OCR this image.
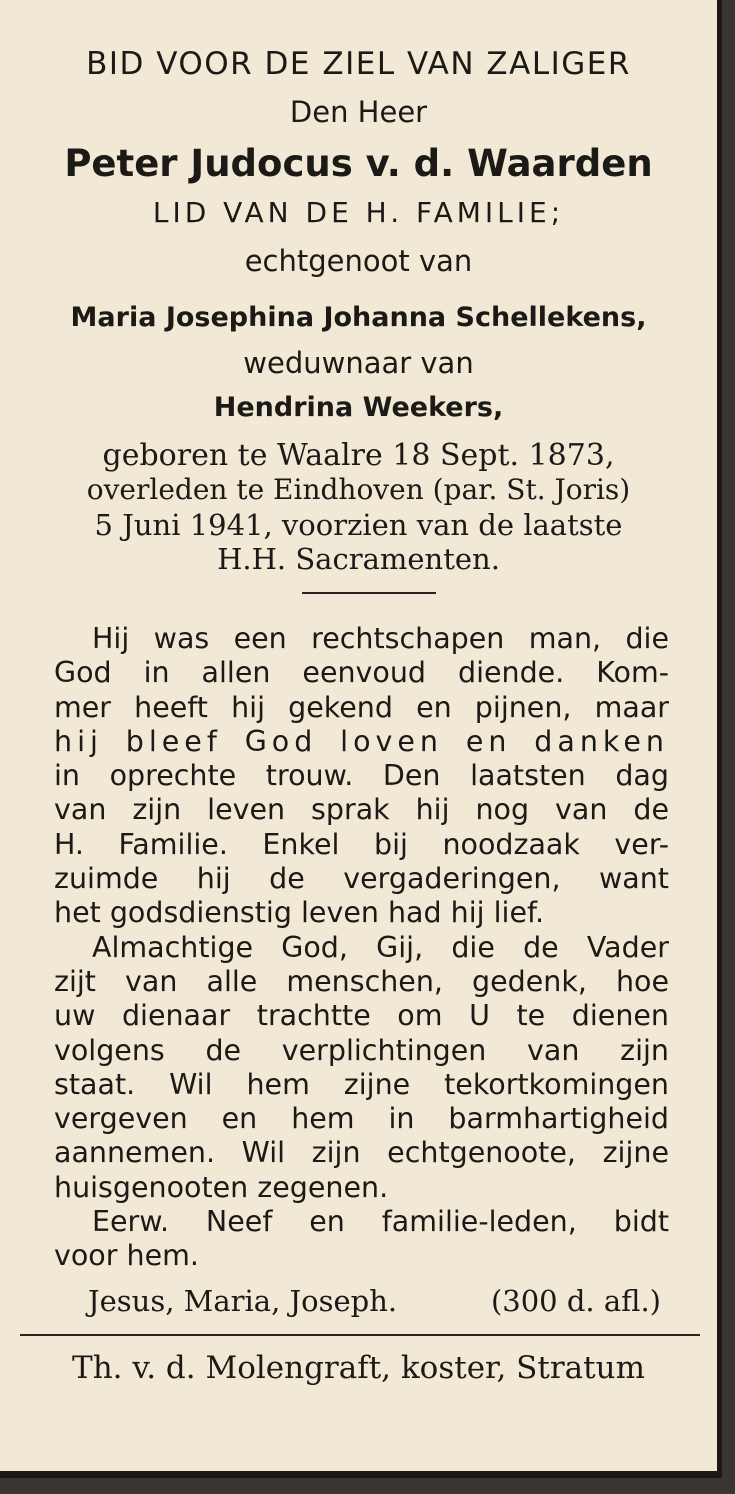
BID VOOR DE ZIEL VAN ZALIGER
Den Heer
Peter Judocus v. d. Waarden
LID VAN DE H. FAMILIE;
echtgenoot van
Maria Josephina Johanna Schellekens,
weduwnaar van
Hendrina Weekers,
geboren te Waalre 18 Sept. 1873,
overleden te Eindhoven (par. St. Joris)
5 Juni 1941, voorzien van de laatste
H.H. Sacramenten.
Hij was een rechtschapen man, die
God in allen eenvoud diende. Kom-
mer heeft hij gekend en pijnen, maar
hij bleef God loven en danken
in oprechte trouw. Den laatsten dag
van zijn leven sprak hij nog van de
H. Familie. Enkel bij noodzaak ver-
zuimde hij de vergaderingen, want
het godsdienstig leven had hij lief.
Almachtige God, Gij, die de Vader
zijt van alle menschen, gedenk, hoe
uw dienaar trachtte om U te dienen
volgens de verplichtingen van zijn
staat. Wil hem zijne tekortkomingen
vergeven en hem in barmhartigheid
aannemen. Wil zijn echtgenoote, zijne
huisgenooten zegenen.
Eerw. Neef en familie-leden, bidt
voor hem.
Jesus, Maria, Joseph.	(300 d. afl.)
Th. v. d. Molengraft, koster, Stratum
